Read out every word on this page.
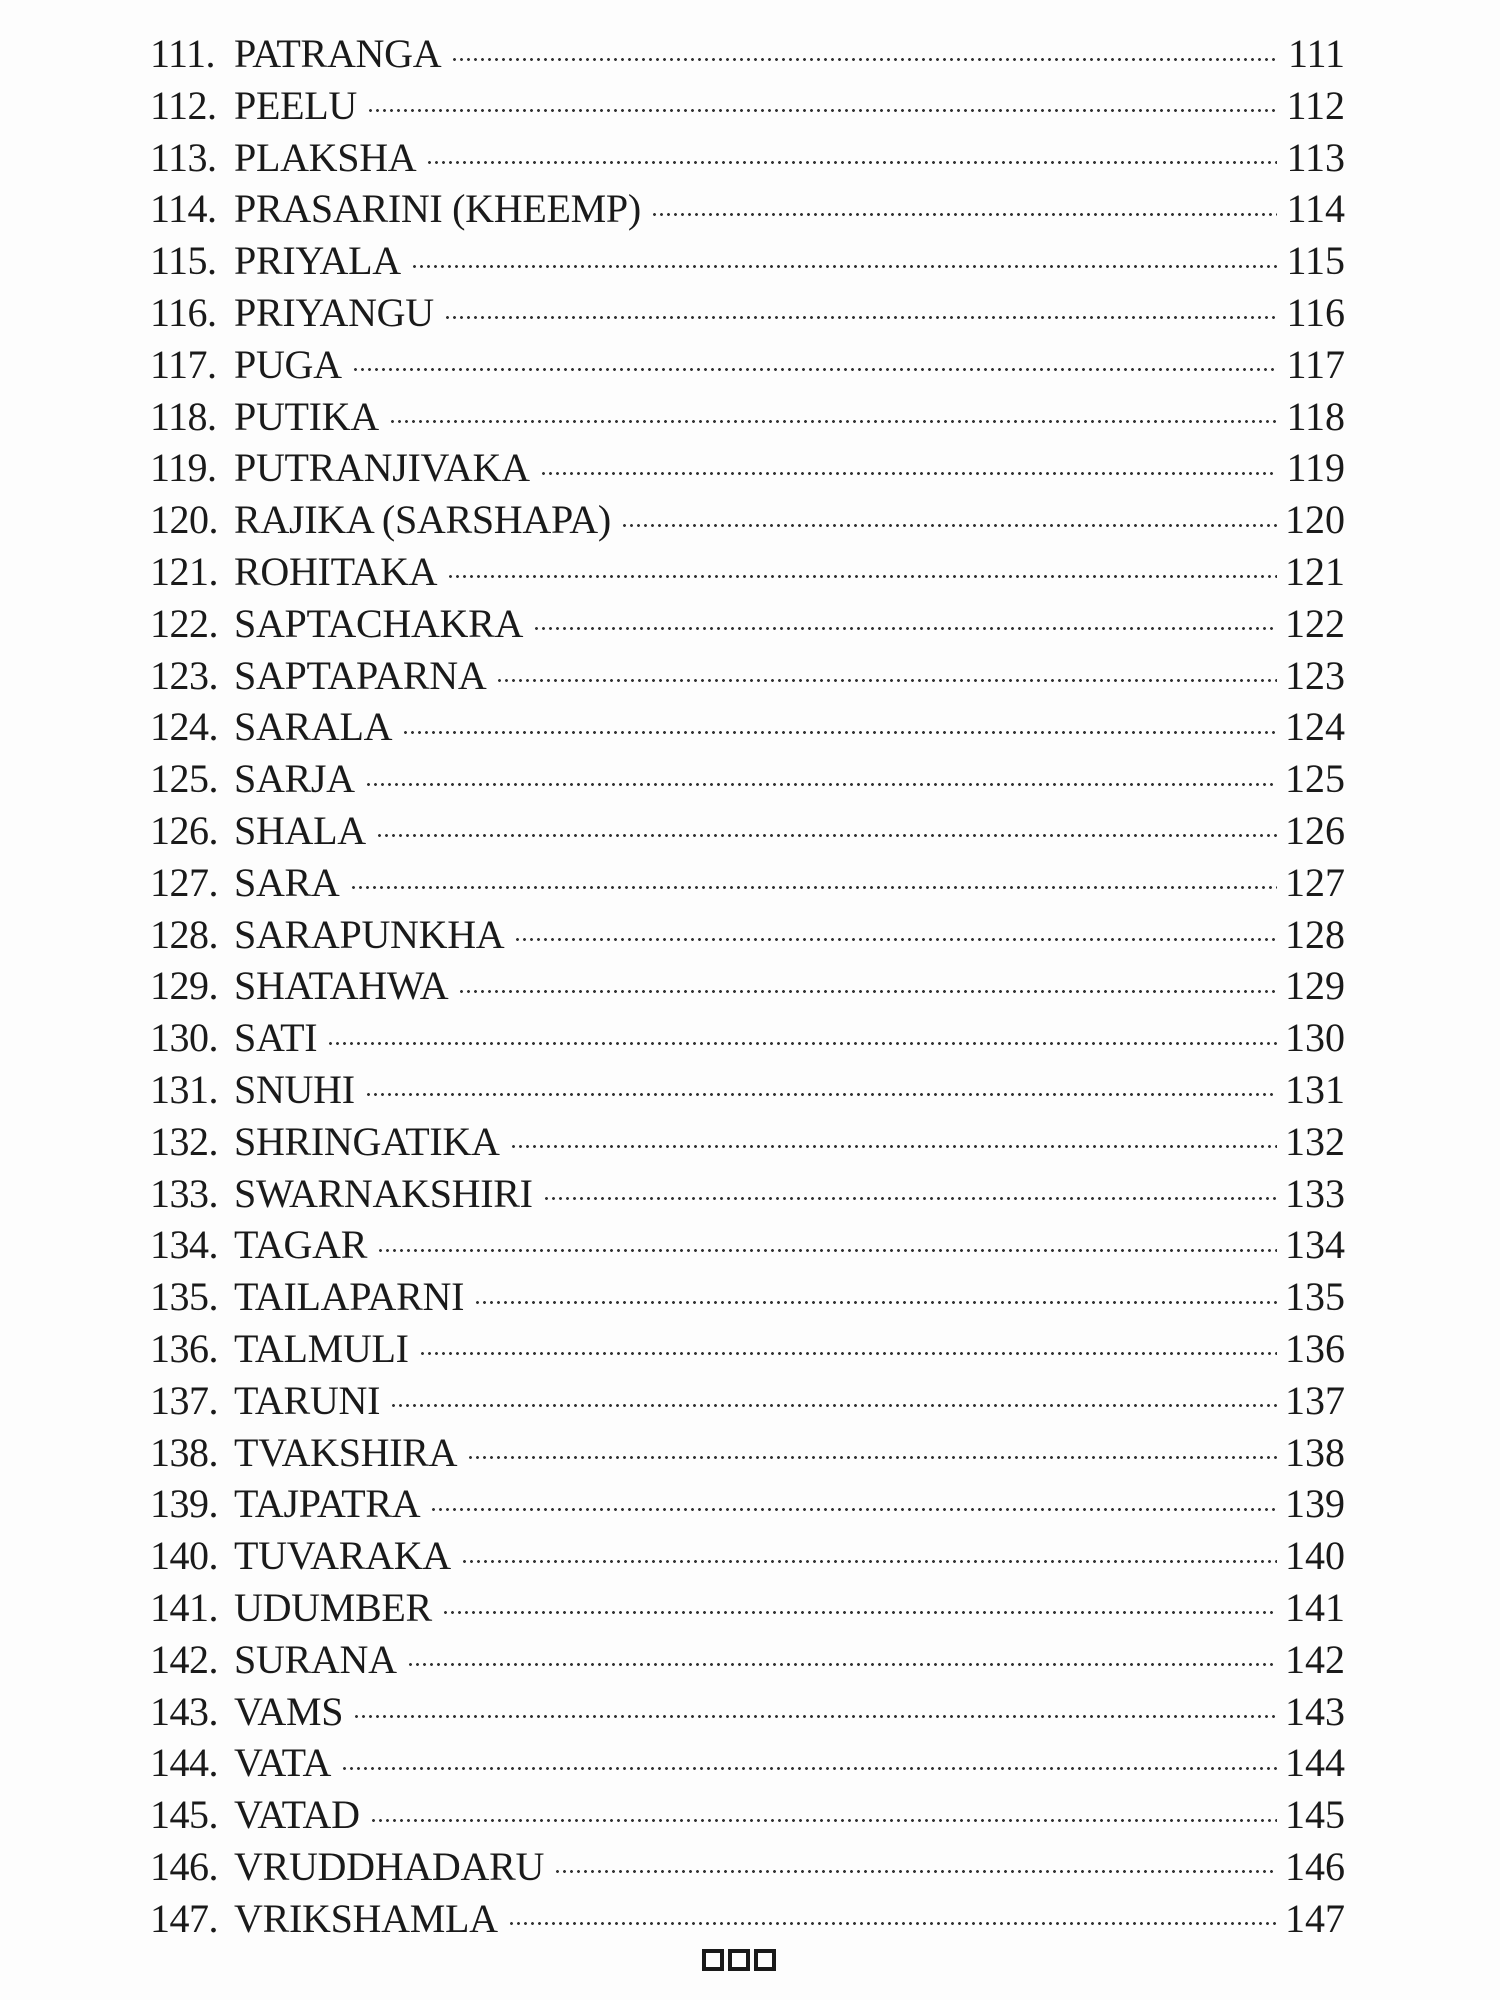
111. PATRANGA	111
112. PEELU	112
113. PLAKSHA	113
114. PRASARINI (KHEEMP)	114
115. PRIYALA	115
116. PRIYANGU	116
117. PUGA	117
118. PUTIKA	118
119. PUTRANJIVAKA	119
120. RAJIKA (SARSHAPA)	120
121. ROHITAKA	121
122. SAPTACHAKRA	122
123. SAPTAPARNA	123
124. SARALA	124
125. SARJA	125
126. SHALA	126
127. SARA	127
128. SARAPUNKHA	128
129. SHATAHWA	129
130. SATI	130
131. SNUHI	131
132. SHRINGATIKA	132
133. SWARNAKSHIRI	133
134. TAGAR	134
135. TAILAPARNI	135
136. TALMULI	136
137. TARUNI	137
138. TVAKSHIRA	138
139. TAJPATRA	139
140. TUVARAKA	140
141. UDUMBER	141
142. SURANA	142
143. VAMS	143
144. VATA	144
145. VATAD	145
146. VRUDDHADARU	146
147. VRIKSHAMLA	147
